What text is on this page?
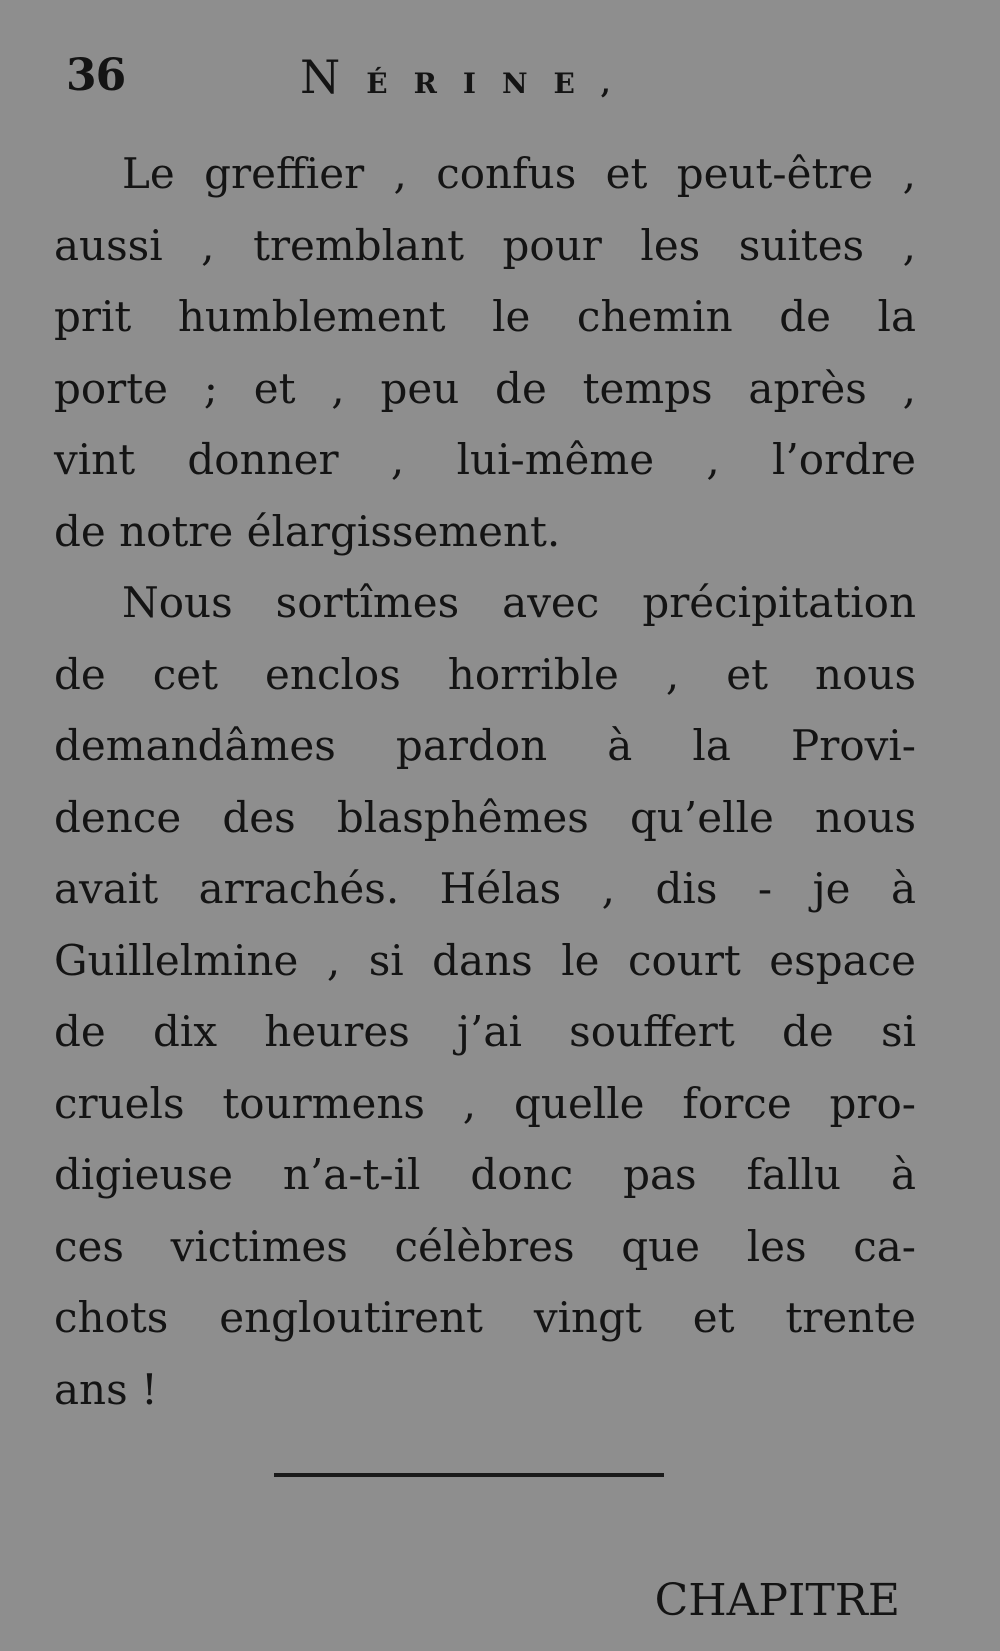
36	NÉRINE,
Le greffier , confus et peut-être ,
aussi , tremblant pour les suites ,
prit humblement le chemin de la
porte ; et , peu de temps après ,
vint donner , lui-même , l’ordre
de notre élargissement.
Nous sortîmes avec précipitation
de cet enclos horrible , et nous
demandâmes pardon à la Provi-
dence des blasphêmes qu’elle nous
avait arrachés. Hélas , dis - je à
Guillelmine , si dans le court espace
de dix heures j’ai souffert de si
cruels tourmens , quelle force pro-
digieuse n’a-t-il donc pas fallu à
ces victimes célèbres que les ca-
chots engloutirent vingt et trente
ans !
CHAPITRE
